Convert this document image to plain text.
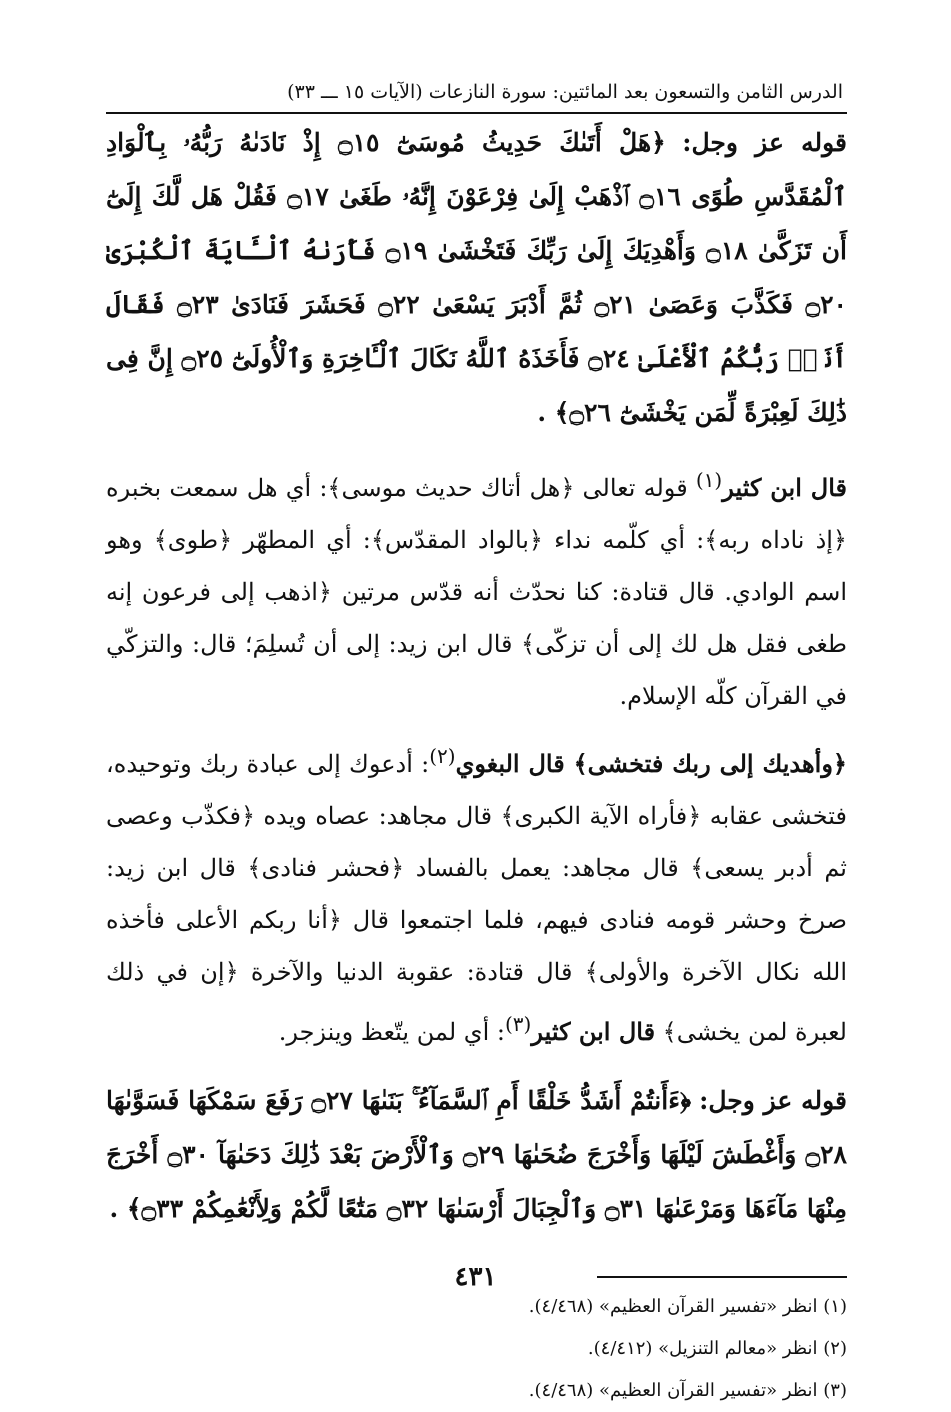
الدرس الثامن والتسعون بعد المائتين: سورة النازعات (الآيات ١٥ ـــ ٣٣)

قوله عز وجل: ﴿هَلْ أَتَىٰكَ حَدِيثُ مُوسَىٰٓ ۝١٥ إِذْ نَادَىٰهُ رَبُّهُۥ بِٱلْوَادِ ٱلْمُقَدَّسِ طُوًى ۝١٦ ٱذْهَبْ إِلَىٰ فِرْعَوْنَ إِنَّهُۥ طَغَىٰ ۝١٧ فَقُلْ هَل لَّكَ إِلَىٰٓ أَن تَزَكَّىٰ ۝١٨ وَأَهْدِيَكَ إِلَىٰ رَبِّكَ فَتَخْشَىٰ ۝١٩ فَأَرَىٰهُ ٱلْـَٔايَةَ ٱلْكُبْرَىٰ ۝٢٠ فَكَذَّبَ وَعَصَىٰ ۝٢١ ثُمَّ أَدْبَرَ يَسْعَىٰ ۝٢٢ فَحَشَرَ فَنَادَىٰ ۝٢٣ فَقَالَ أَنَا۠ رَبُّكُمُ ٱلْأَعْلَىٰ ۝٢٤ فَأَخَذَهُ ٱللَّهُ نَكَالَ ٱلْـَٔاخِرَةِ وَٱلْأُولَىٰٓ ۝٢٥ إِنَّ فِى ذَٰلِكَ لَعِبْرَةً لِّمَن يَخْشَىٰٓ ۝٢٦﴾ .

قال ابن كثير$^{(١)}$ قوله تعالى ﴿هل أتاك حديث موسى﴾: أي هل سمعت بخبره ﴿إذ ناداه ربه﴾: أي كلّمه نداء ﴿بالواد المقدّس﴾: أي المطهّر ﴿طوى﴾ وهو اسم الوادي. قال قتادة: كنا نحدّث أنه قدّس مرتين ﴿اذهب إلى فرعون إنه طغى فقل هل لك إلى أن تزكّى﴾ قال ابن زيد: إلى أن تُسلِمَ؛ قال: والتزكّي في القرآن كلّه الإسلام.

﴿وأهديك إلى ربك فتخشى﴾ قال البغوي$^{(٢)}$: أدعوك إلى عبادة ربك وتوحيده، فتخشى عقابه ﴿فأراه الآية الكبرى﴾ قال مجاهد: عصاه ويده ﴿فكذّب وعصى ثم أدبر يسعى﴾ قال مجاهد: يعمل بالفساد ﴿فحشر فنادى﴾ قال ابن زيد: صرخ وحشر قومه فنادى فيهم، فلما اجتمعوا قال ﴿أنا ربكم الأعلى فأخذه الله نكال الآخرة والأولى﴾ قال قتادة: عقوبة الدنيا والآخرة ﴿إن في ذلك لعبرة لمن يخشى﴾ قال ابن كثير$^{(٣)}$: أي لمن يتّعظ وينزجر.

قوله عز وجل: ﴿ءَأَنتُمْ أَشَدُّ خَلْقًا أَمِ ٱلسَّمَآءُ ۚ بَنَىٰهَا ۝٢٧ رَفَعَ سَمْكَهَا فَسَوَّىٰهَا ۝٢٨ وَأَغْطَشَ لَيْلَهَا وَأَخْرَجَ ضُحَىٰهَا ۝٢٩ وَٱلْأَرْضَ بَعْدَ ذَٰلِكَ دَحَىٰهَآ ۝٣٠ أَخْرَجَ مِنْهَا مَآءَهَا وَمَرْعَىٰهَا ۝٣١ وَٱلْجِبَالَ أَرْسَىٰهَا ۝٣٢ مَتَٰعًا لَّكُمْ وَلِأَنْعَٰمِكُمْ ۝٣٣﴾ .

(١) انظر «تفسير القرآن العظيم» (٤/٤٦٨).
(٢) انظر «معالم التنزيل» (٤/٤١٢).
(٣) انظر «تفسير القرآن العظيم» (٤/٤٦٨).
٤٣١
